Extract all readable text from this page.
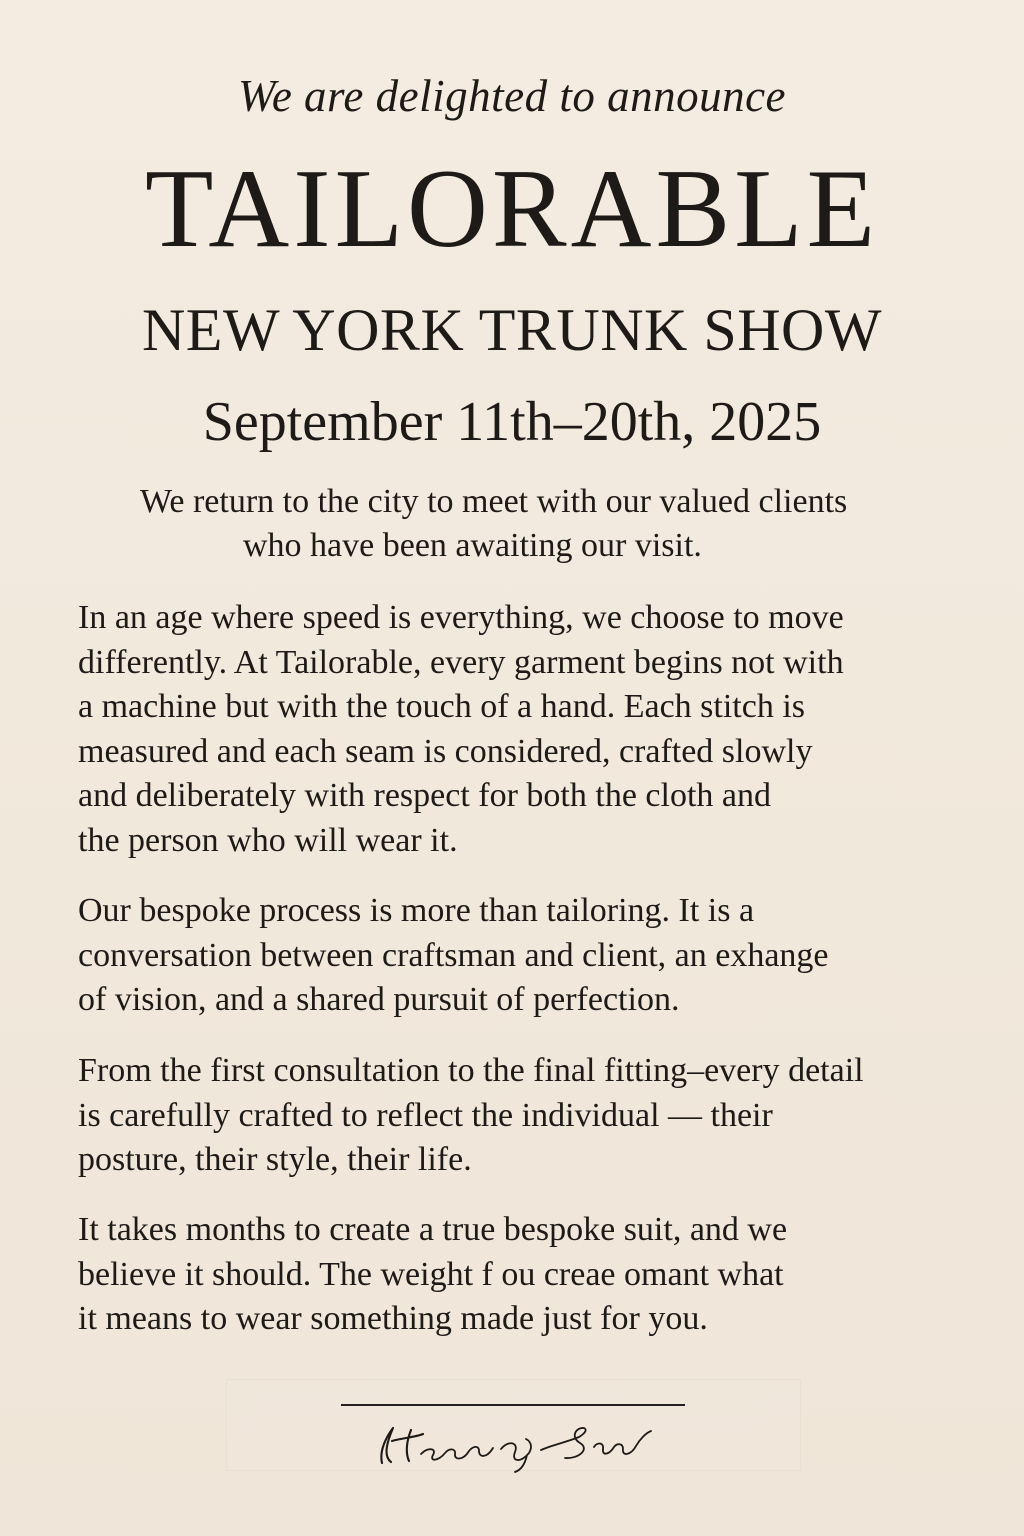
We are delighted to announce
TAILORABLE
NEW YORK TRUNK SHOW
September 11th–20th, 2025

We return to the city to meet with our valued clients
who have been awaiting our visit.

In an age where speed is everything, we choose to move
differently. At Tailorable, every garment begins not with
a machine but with the touch of a hand. Each stitch is
measured and each seam is considered, crafted slowly
and deliberately with respect for both the cloth and
the person who will wear it.

Our bespoke process is more than tailoring. It is a
conversation between craftsman and client, an exhange
of vision, and a shared pursuit of perfection.

From the first consultation to the final fitting–every detail
is carefully crafted to reflect the individual — their
posture, their style, their life.

It takes months to create a true bespoke suit, and we
believe it should. The weight f ou creae omant what
it means to wear something made just for you.
